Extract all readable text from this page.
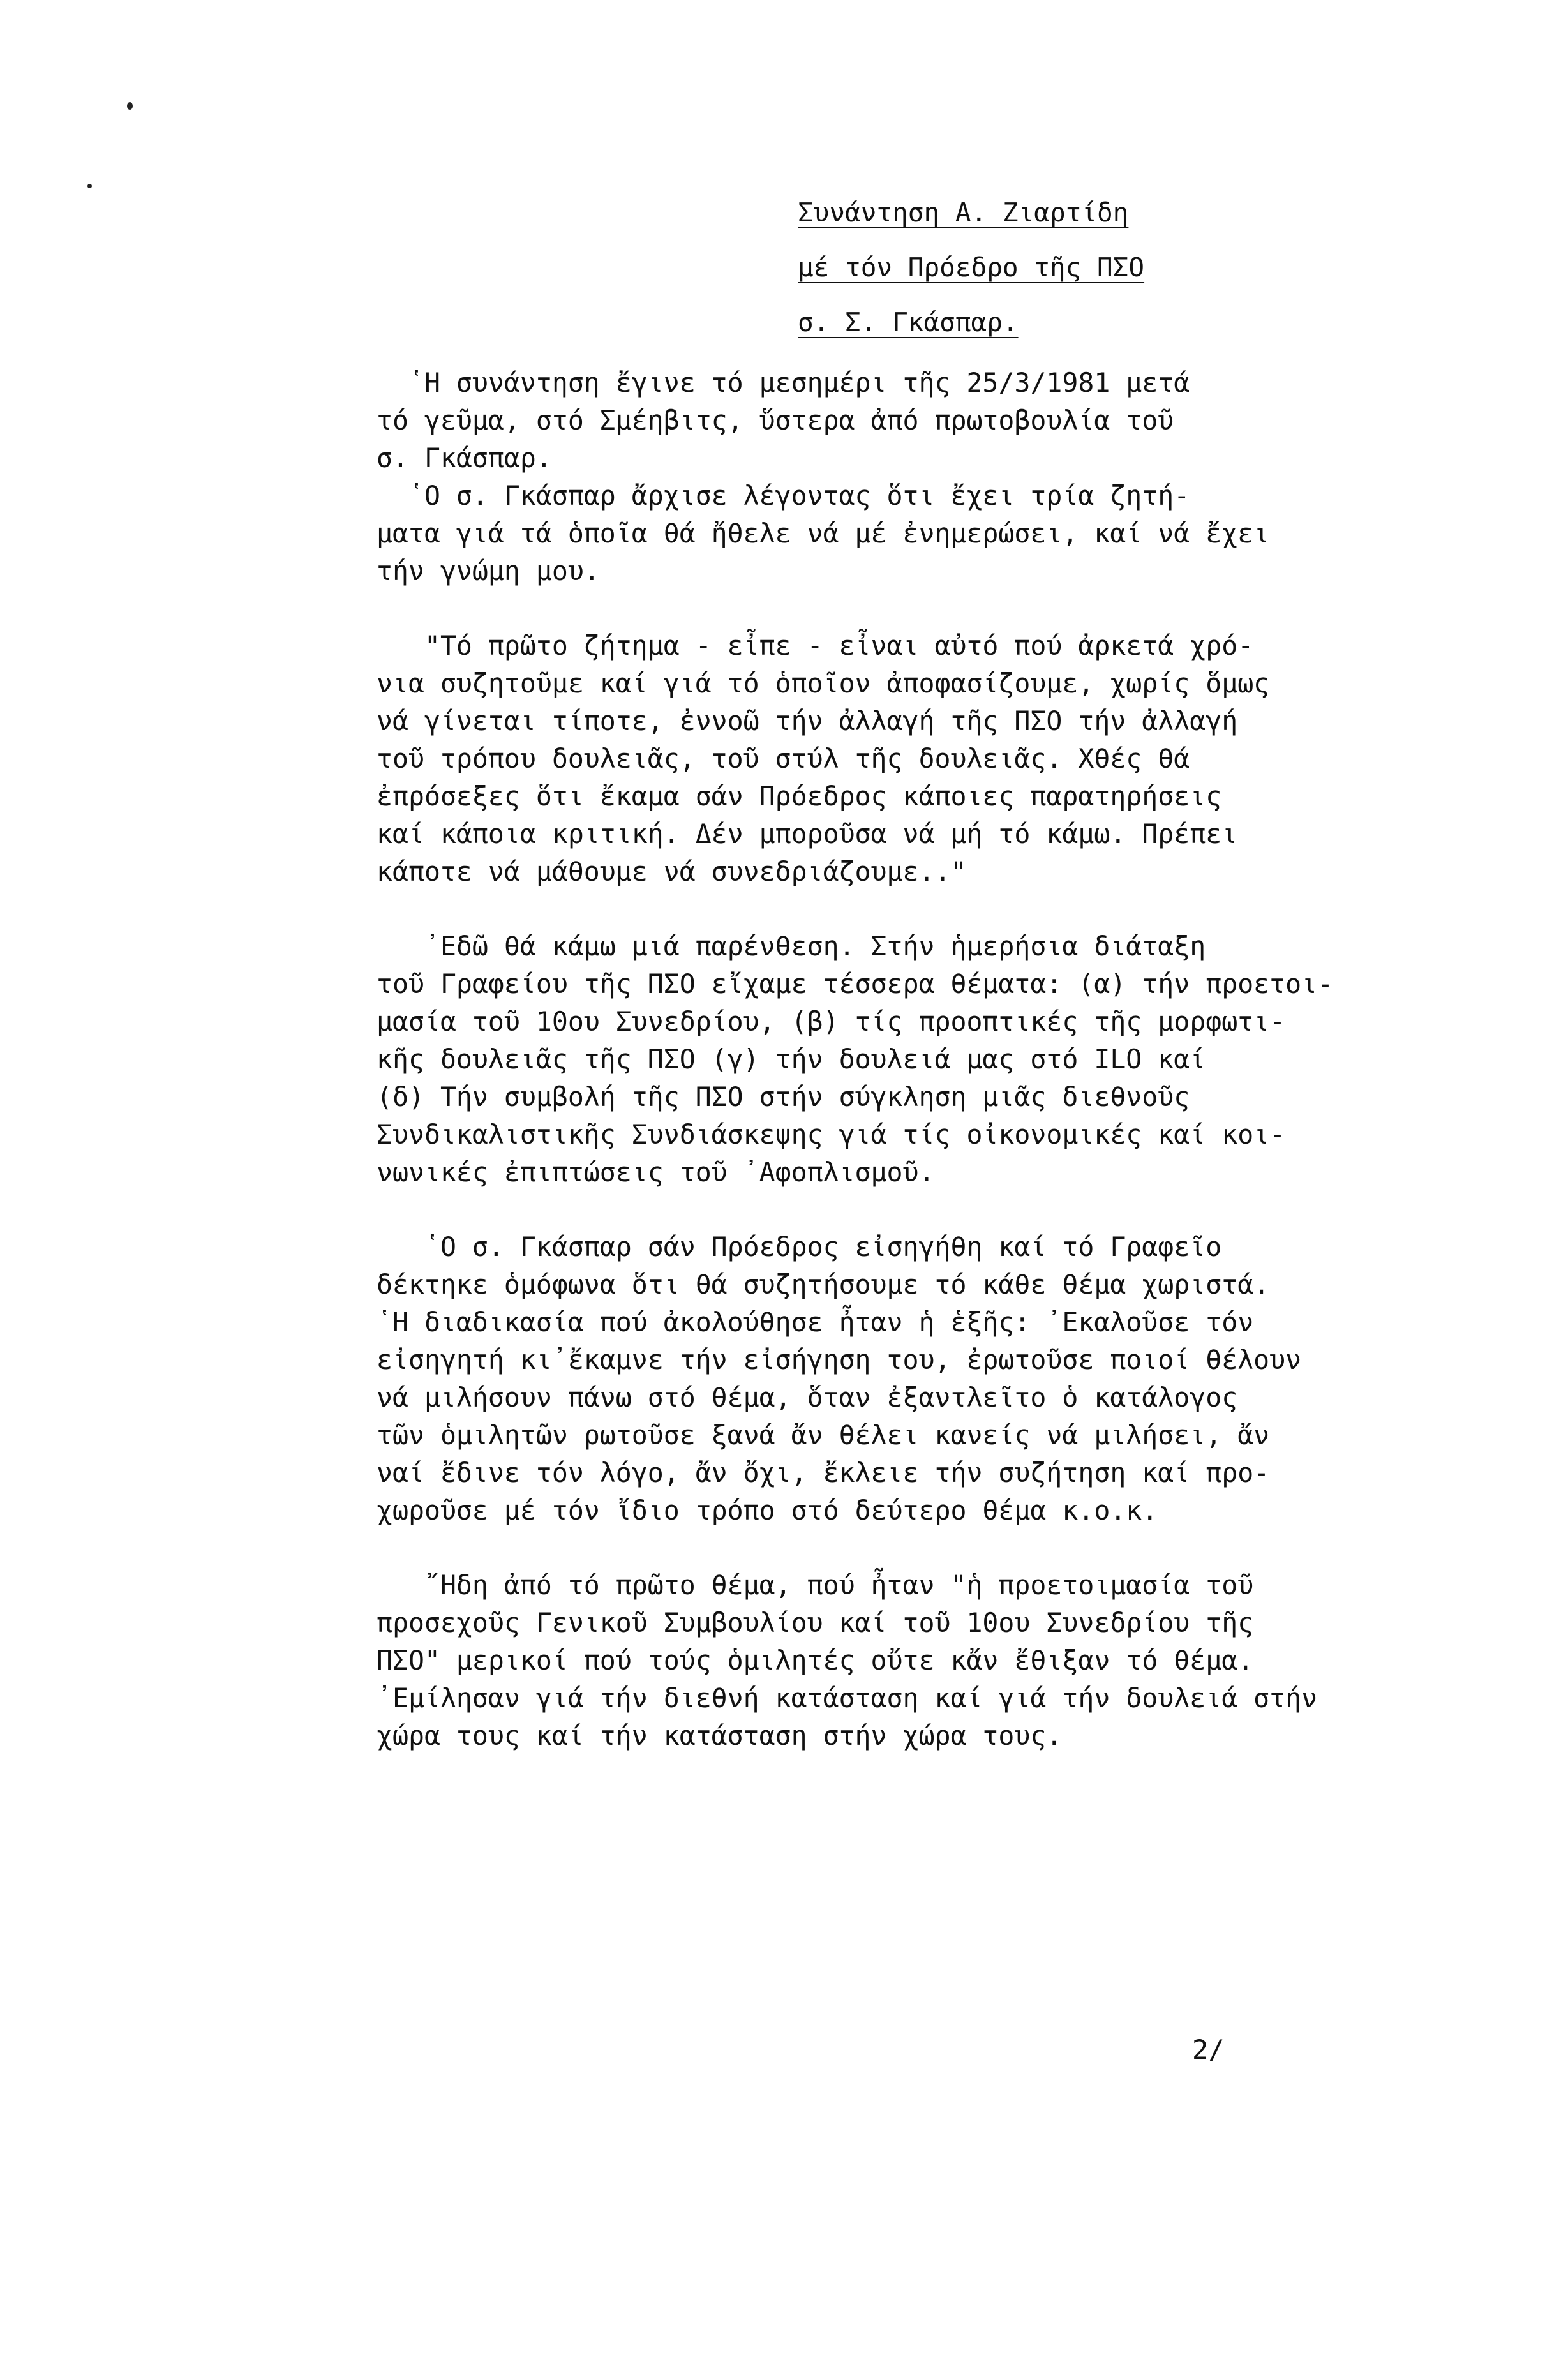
Συνάντηση Α. Ζιαρτίδη
μέ τόν Πρόεδρο τῆς ΠΣΟ
σ. Σ. Γκάσπαρ.
῾Η συνάντηση ἔγινε τό μεσημέρι τῆς 25/3/1981 μετά
τό γεῦμα, στό Σμέηβιτς, ὕστερα ἀπό πρωτοβουλία τοῦ
σ. Γκάσπαρ.
῾Ο σ. Γκάσπαρ ἄρχισε λέγοντας ὅτι ἔχει τρία ζητή-
ματα γιά τά ὁποῖα θά ἤθελε νά μέ ἐνημερώσει, καί νά ἔχει
τήν γνώμη μου.
"Τό πρῶτο ζήτημα - εἶπε - εἶναι αὐτό πού ἀρκετά χρό-
νια συζητοῦμε καί γιά τό ὁποῖον ἀποφασίζουμε, χωρίς ὅμως
νά γίνεται τίποτε, ἐννοῶ τήν ἀλλαγή τῆς ΠΣΟ τήν ἀλλαγή
τοῦ τρόπου δουλειᾶς, τοῦ στύλ τῆς δουλειᾶς. Χθές θά
ἐπρόσεξες ὅτι ἔκαμα σάν Πρόεδρος κάποιες παρατηρήσεις
καί κάποια κριτική. Δέν μποροῦσα νά μή τό κάμω. Πρέπει
κάποτε νά μάθουμε νά συνεδριάζουμε.."
᾽Εδῶ θά κάμω μιά παρένθεση. Στήν ἡμερήσια διάταξη
τοῦ Γραφείου τῆς ΠΣΟ εἴχαμε τέσσερα θέματα: (α) τήν προετοι-
μασία τοῦ 10ου Συνεδρίου, (β) τίς προοπτικές τῆς μορφωτι-
κῆς δουλειᾶς τῆς ΠΣΟ (γ) τήν δουλειά μας στό ILO καί
(δ) Τήν συμβολή τῆς ΠΣΟ στήν σύγκληση μιᾶς διεθνοῦς
Συνδικαλιστικῆς Συνδιάσκεψης γιά τίς οἰκονομικές καί κοι-
νωνικές ἐπιπτώσεις τοῦ ᾽Αφοπλισμοῦ.
῾Ο σ. Γκάσπαρ σάν Πρόεδρος εἰσηγήθη καί τό Γραφεῖο
δέκτηκε ὁμόφωνα ὅτι θά συζητήσουμε τό κάθε θέμα χωριστά.
῾Η διαδικασία πού ἀκολούθησε ἦταν ἡ ἑξῆς: ᾽Εκαλοῦσε τόν
εἰσηγητή κι᾽ἔκαμνε τήν εἰσήγηση του, ἐρωτοῦσε ποιοί θέλουν
νά μιλήσουν πάνω στό θέμα, ὅταν ἐξαντλεῖτο ὁ κατάλογος
τῶν ὁμιλητῶν ρωτοῦσε ξανά ἄν θέλει κανείς νά μιλήσει, ἄν
ναί ἔδινε τόν λόγο, ἄν ὄχι, ἔκλειε τήν συζήτηση καί προ-
χωροῦσε μέ τόν ἴδιο τρόπο στό δεύτερο θέμα κ.ο.κ.
῎Ηδη ἀπό τό πρῶτο θέμα, πού ἦταν "ἡ προετοιμασία τοῦ
προσεχοῦς Γενικοῦ Συμβουλίου καί τοῦ 10ου Συνεδρίου τῆς
ΠΣΟ" μερικοί πού τούς ὁμιλητές οὔτε κἄν ἔθιξαν τό θέμα.
᾽Εμίλησαν γιά τήν διεθνή κατάσταση καί γιά τήν δουλειά στήν
χώρα τους καί τήν κατάσταση στήν χώρα τους.
2/
